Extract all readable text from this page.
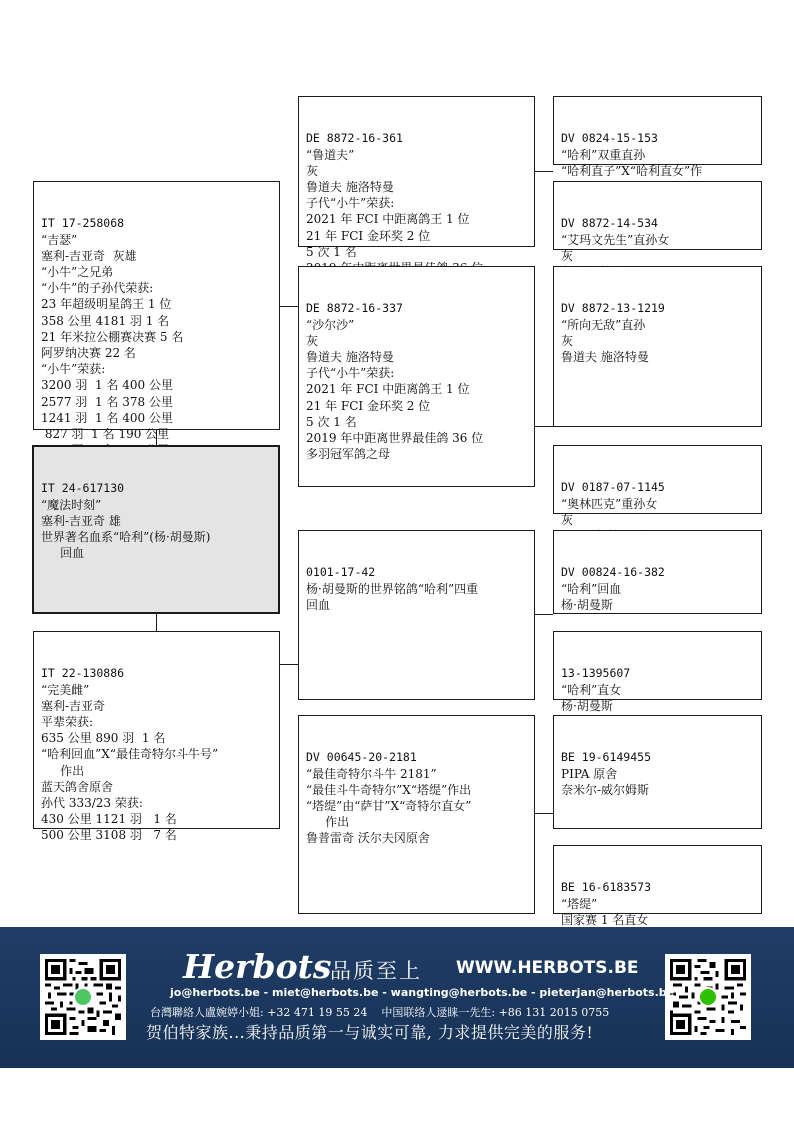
IT 17-258068
“吉瑟”
塞利-吉亚奇  灰雄
“小牛”之兄弟
“小牛”的子孙代荣获:
23 年超级明星鸽王 1 位
358 公里 4181 羽 1 名
21 年米拉公棚赛决赛 5 名
阿罗纳决赛 22 名
“小牛”荣获:
3200 羽  1 名 400 公里
2577 羽  1 名 378 公里
1241 羽  1 名 400 公里
827 羽  1 名 190 公里

IT 24-617130
“魔法时刻”
塞利-吉亚奇 雄
世界著名血系“哈利”(杨·胡曼斯)
回血

IT 22-130886
“完美雌”
塞利-吉亚奇
平辈荣获:
635 公里 890 羽  1 名
“哈利回血”X“最佳奇特尔斗牛号”
作出
蓝天鸽舍原舍
孙代 333/23 荣获:
430 公里 1121 羽   1 名
500 公里 3108 羽   7 名

DE 8872-16-361
“鲁道夫”
灰
鲁道夫 施洛特曼
子代“小牛”荣获:
2021 年 FCI 中距离鸽王 1 位
21 年 FCI 金环奖 2 位
5 次 1 名

DE 8872-16-337
“沙尔沙”
灰
鲁道夫 施洛特曼
子代“小牛”荣获:
2021 年 FCI 中距离鸽王 1 位
21 年 FCI 金环奖 2 位
5 次 1 名
2019 年中距离世界最佳鸽 36 位
多羽冠军鸽之母

0101-17-42
杨·胡曼斯的世界铭鸽“哈利”四重
回血

DV 00645-20-2181
“最佳奇特尔斗牛 2181”
“最佳斗牛奇特尔”X“塔缇”作出
“塔缇”由“萨甘”X“奇特尔直女”
作出
鲁普雷奇 沃尔夫冈原舍

DV 0824-15-153
“哈利”双重直孙
“哈利直子”X“哈利直女”作

DV 8872-14-534
“艾玛文先生”直孙女
灰

DV 8872-13-1219
“所向无敌”直孙
灰
鲁道夫 施洛特曼

DV 0187-07-1145
“奥林匹克”重孙女
灰

DV 00824-16-382
“哈利”回血
杨·胡曼斯

13-1395607
“哈利”直女
杨·胡曼斯

BE 19-6149455
PIPA 原舍
奈米尔-威尔姆斯

BE 16-6183573
“塔缇”
国家赛 1 名直女

Herbots
品质至上 WWW.HERBOTS.BE
jo@herbots.be - miet@herbots.be - wangting@herbots.be - pieterjan@herbots.be
台灣聯絡人盧婉婷小姐: +32 471 19 55 24 中国联络人逯睐一先生: +86 131 2015 0755
贺伯特家族...秉持品质第一与诚实可靠, 力求提供完美的服务!
